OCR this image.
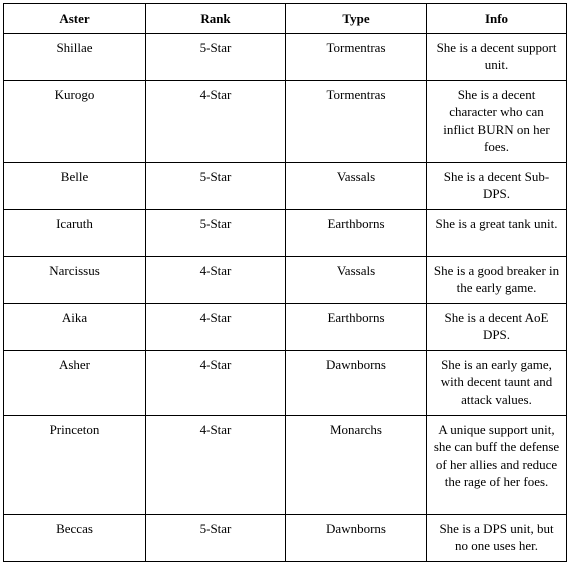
Aster	Rank	Type	Info
Shillae	5-Star	Tormentras	She is a decent support unit.
Kurogo	4-Star	Tormentras	She is a decent character who can inflict BURN on her foes.
Belle	5-Star	Vassals	She is a decent Sub-DPS.
Icaruth	5-Star	Earthborns	She is a great tank unit.
Narcissus	4-Star	Vassals	She is a good breaker in the early game.
Aika	4-Star	Earthborns	She is a decent AoE DPS.
Asher	4-Star	Dawnborns	She is an early game, with decent taunt and attack values.
Princeton	4-Star	Monarchs	A unique support unit, she can buff the defense of her allies and reduce the rage of her foes.
Beccas	5-Star	Dawnborns	She is a DPS unit, but no one uses her.
